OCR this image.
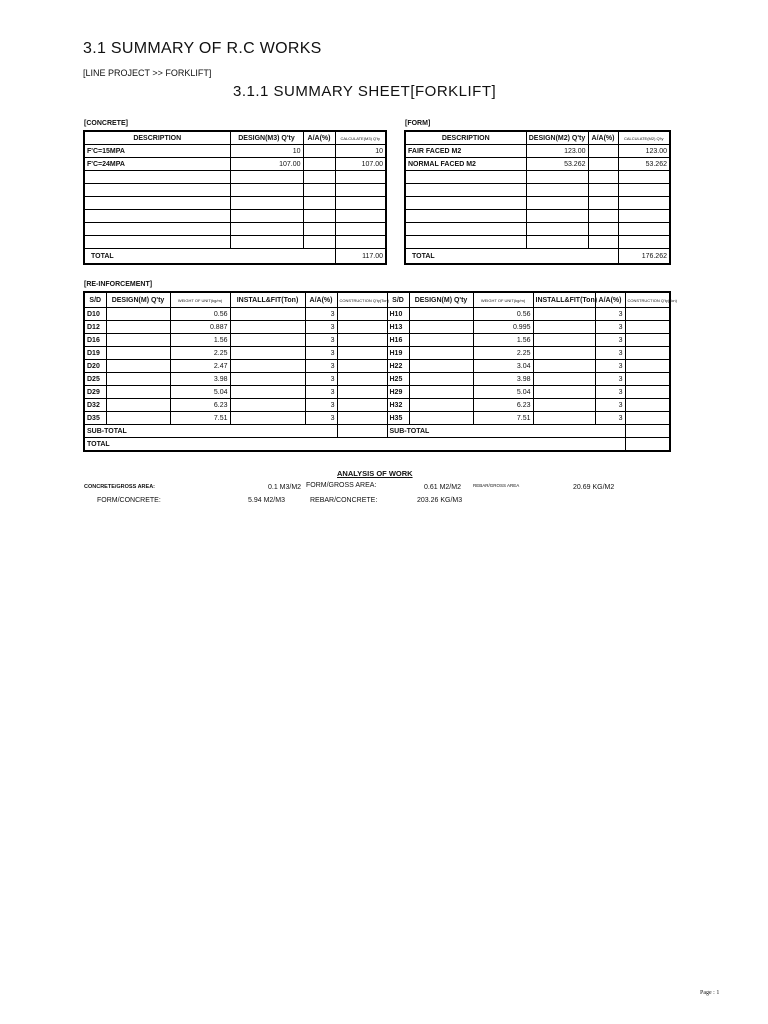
3.1 SUMMARY OF R.C WORKS
[LINE PROJECT >> FORKLIFT]
3.1.1 SUMMARY SHEET[FORKLIFT]
[CONCRETE]
DESCRIPTION	DESIGN(M3) Q'ty	A/A(%)	CALCULATE(M3) Q'ty
F'C=15MPA	10		10
F'C=24MPA	107.00		107.00

TOTAL			117.00
[FORM]
DESCRIPTION	DESIGN(M2) Q'ty	A/A(%)	CALCULATE(M2) Q'ty
FAIR FACED M2	123.00		123.00
NORMAL FACED M2	53.262		53.262

TOTAL			176.262
[RE-INFORCEMENT]
S/D	DESIGN(M) Q'ty	WEIGHT OF UNIT(kg/m)	INSTALL&FIT(Ton)	A/A(%)	CONSTRUCTION Q'ty(Ton)	S/D	DESIGN(M) Q'ty	WEIGHT OF UNIT(kg/m)	INSTALL&FIT(Ton)	A/A(%)	CONSTRUCTION Q'ty(Ton)
D10		0.56		3		H10		0.56		3	
D12		0.887		3		H13		0.995		3	
D16		1.56		3		H16		1.56		3	
D19		2.25		3		H19		2.25		3	
D20		2.47		3		H22		3.04		3	
D25		3.98		3		H25		3.98		3	
D29		5.04		3		H29		5.04		3	
D32		6.23		3		H32		6.23		3	
D35		7.51		3		H35		7.51		3	
SUB-TOTAL						SUB-TOTAL					
TOTAL											
ANALYSIS OF WORK
CONCRETE/GROSS AREA:	0.1 M3/M2 FORM/GROSS AREA:	0.61 M2/M2	REBAR/GROSS AREA	20.69 KG/M2
FORM/CONCRETE:	5.94 M2/M3	REBAR/CONCRETE:	203.26 KG/M3
Page : 1
